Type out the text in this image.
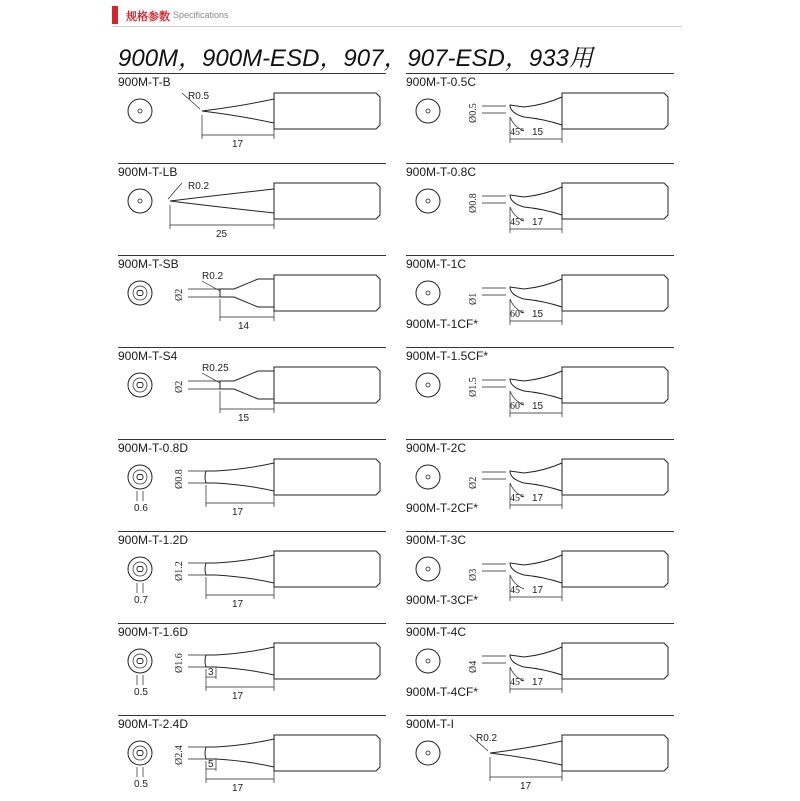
规格参数 Specifications
900M，900M-ESD，907，907-ESD，933用
900M-T-B
R0.5
17
900M-T-0.5C
Ø0.5
45° 15
900M-T-LB
R0.2
25
900M-T-0.8C
Ø0.8
45° 17
900M-T-SB
R0.2
Ø2
14
900M-T-1C
900M-T-1CF*
Ø1
60° 15
900M-T-S4
R0.25
Ø2
15
900M-T-1.5CF*
Ø1.5
60° 15
900M-T-0.8D
Ø0.8
0.6	17
900M-T-2C
900M-T-2CF*
Ø2
45° 17
900M-T-1.2D
Ø1.2
0.7	17
900M-T-3C
900M-T-3CF*
Ø3
45 17
900M-T-1.6D
Ø1.6
0.5	17
3
900M-T-4C
900M-T-4CF*
Ø4
45° 17
900M-T-2.4D
Ø2.4
0.5	17
5
900M-T-I
R0.2
17
